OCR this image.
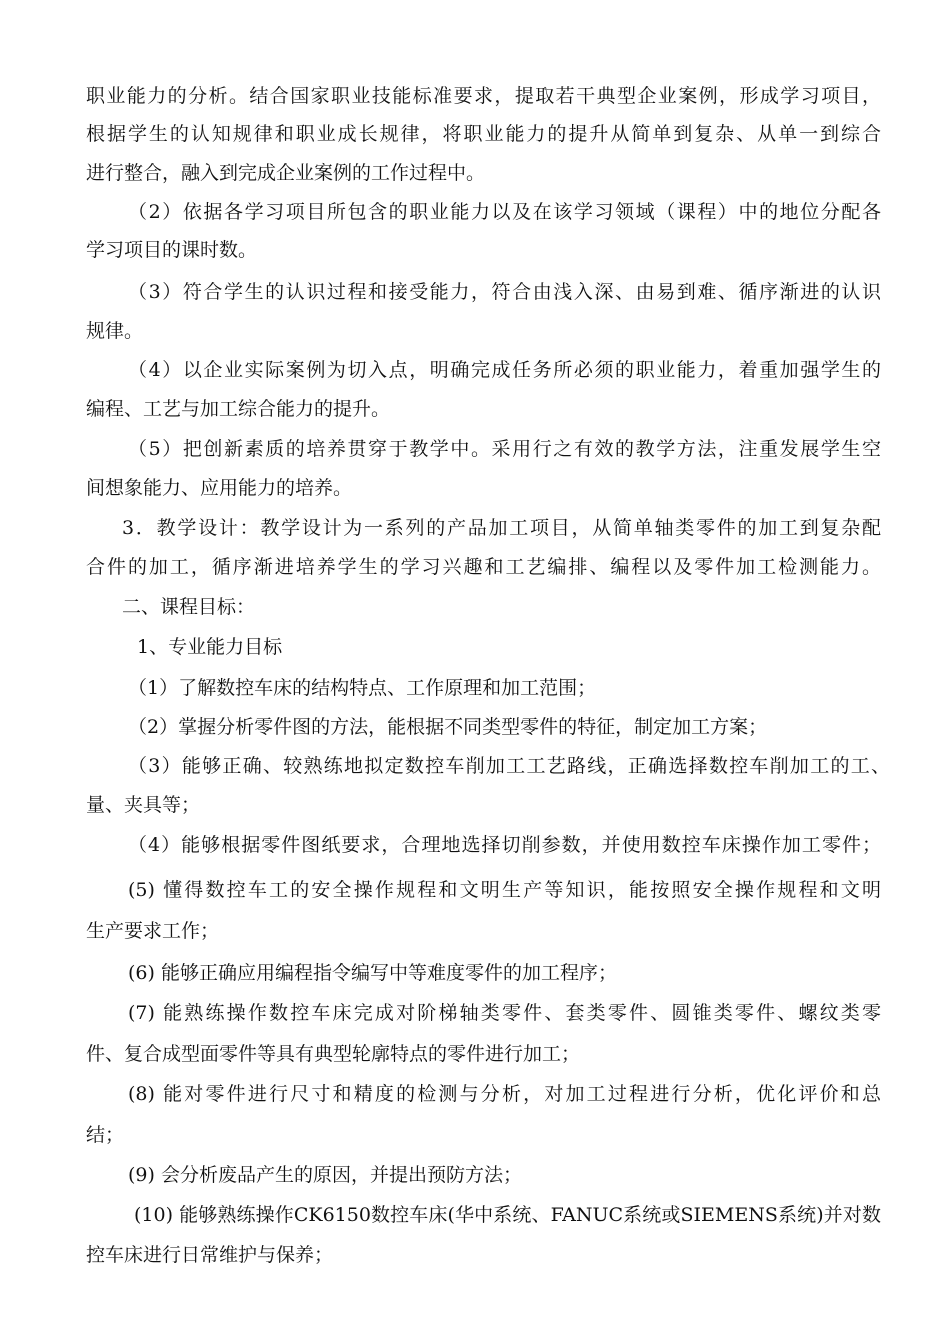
职业能力的分析。结合国家职业技能标准要求，提取若干典型企业案例，形成学习项目，
根据学生的认知规律和职业成长规律，将职业能力的提升从简单到复杂、从单一到综合
进行整合，融入到完成企业案例的工作过程中。
（2）依据各学习项目所包含的职业能力以及在该学习领域（课程）中的地位分配各
学习项目的课时数。
（3）符合学生的认识过程和接受能力，符合由浅入深、由易到难、循序渐进的认识
规律。
（4）以企业实际案例为切入点，明确完成任务所必须的职业能力，着重加强学生的
编程、工艺与加工综合能力的提升。
（5）把创新素质的培养贯穿于教学中。采用行之有效的教学方法，注重发展学生空
间想象能力、应用能力的培养。
3．教学设计：教学设计为一系列的产品加工项目，从简单轴类零件的加工到复杂配
合件的加工，循序渐进培养学生的学习兴趣和工艺编排、编程以及零件加工检测能力。
二、课程目标：
1、专业能力目标
（1）了解数控车床的结构特点、工作原理和加工范围；
（2）掌握分析零件图的方法，能根据不同类型零件的特征，制定加工方案；
（3）能够正确、较熟练地拟定数控车削加工工艺路线，正确选择数控车削加工的工、
量、夹具等；
（4）能够根据零件图纸要求，合理地选择切削参数，并使用数控车床操作加工零件；
(5) 懂得数控车工的安全操作规程和文明生产等知识，能按照安全操作规程和文明
生产要求工作；
(6) 能够正确应用编程指令编写中等难度零件的加工程序；
(7) 能熟练操作数控车床完成对阶梯轴类零件、套类零件、圆锥类零件、螺纹类零
件、复合成型面零件等具有典型轮廓特点的零件进行加工；
(8) 能对零件进行尺寸和精度的检测与分析，对加工过程进行分析，优化评价和总
结；
(9) 会分析废品产生的原因，并提出预防方法；
(10) 能够熟练操作CK6150数控车床(华中系统、FANUC系统或SIEMENS系统)并对数
控车床进行日常维护与保养；
